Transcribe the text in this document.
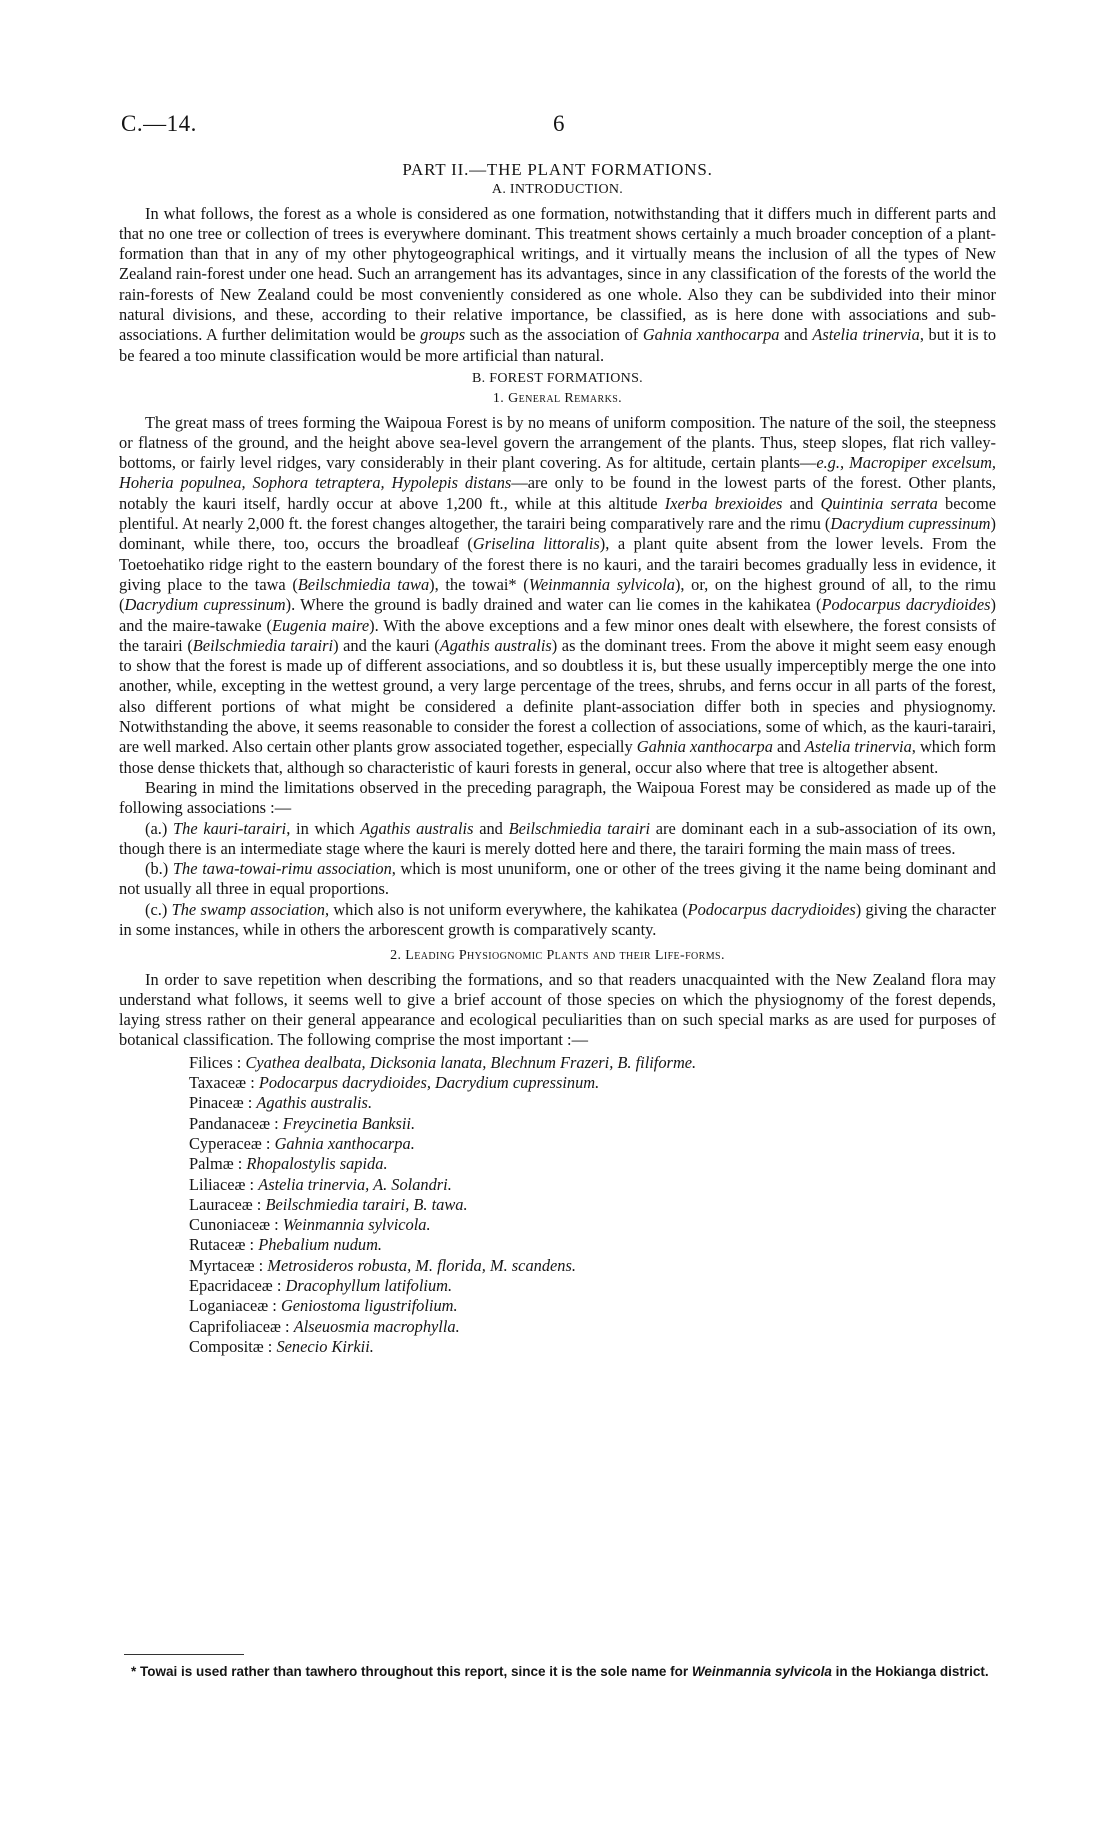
C.—14.	6
PART II.—THE PLANT FORMATIONS.
A. INTRODUCTION.

In what follows, the forest as a whole is considered as one formation, notwithstanding that it differs much in different parts and that no one tree or collection of trees is everywhere dominant. This treatment shows certainly a much broader conception of a plant-formation than that in any of my other phytogeographical writings, and it virtually means the inclusion of all the types of New Zealand rain-forest under one head. Such an arrangement has its advantages, since in any classification of the forests of the world the rain-forests of New Zealand could be most conveniently considered as one whole. Also they can be subdivided into their minor natural divisions, and these, according to their relative importance, be classified, as is here done with associations and sub-associations. A further delimitation would be groups such as the association of Gahnia xanthocarpa and Astelia trinervia, but it is to be feared a too minute classification would be more artificial than natural.

B. FOREST FORMATIONS.
1. General Remarks.

The great mass of trees forming the Waipoua Forest is by no means of uniform composition. The nature of the soil, the steepness or flatness of the ground, and the height above sea-level govern the arrangement of the plants. Thus, steep slopes, flat rich valley-bottoms, or fairly level ridges, vary considerably in their plant covering. As for altitude, certain plants—e.g., Macropiper excelsum, Hoheria populnea, Sophora tetraptera, Hypolepis distans—are only to be found in the lowest parts of the forest. Other plants, notably the kauri itself, hardly occur at above 1,200 ft., while at this altitude Ixerba brexioides and Quintinia serrata become plentiful. At nearly 2,000 ft. the forest changes altogether, the tarairi being comparatively rare and the rimu (Dacrydium cupressinum) dominant, while there, too, occurs the broadleaf (Griselina littoralis), a plant quite absent from the lower levels. From the Toetoehatiko ridge right to the eastern boundary of the forest there is no kauri, and the tarairi becomes gradually less in evidence, it giving place to the tawa (Beilschmiedia tawa), the towai* (Weinmannia sylvicola), or, on the highest ground of all, to the rimu (Dacrydium cupressinum). Where the ground is badly drained and water can lie comes in the kahikatea (Podocarpus dacrydioides) and the maire-tawake (Eugenia maire). With the above exceptions and a few minor ones dealt with elsewhere, the forest consists of the tarairi (Beilschmiedia tarairi) and the kauri (Agathis australis) as the dominant trees. From the above it might seem easy enough to show that the forest is made up of different associations, and so doubtless it is, but these usually imperceptibly merge the one into another, while, excepting in the wettest ground, a very large percentage of the trees, shrubs, and ferns occur in all parts of the forest, also different portions of what might be considered a definite plant-association differ both in species and physiognomy. Notwithstanding the above, it seems reasonable to consider the forest a collection of associations, some of which, as the kauri-tarairi, are well marked. Also certain other plants grow associated together, especially Gahnia xanthocarpa and Astelia trinervia, which form those dense thickets that, although so characteristic of kauri forests in general, occur also where that tree is altogether absent.

Bearing in mind the limitations observed in the preceding paragraph, the Waipoua Forest may be considered as made up of the following associations :—

(a.) The kauri-tarairi, in which Agathis australis and Beilschmiedia tarairi are dominant each in a sub-association of its own, though there is an intermediate stage where the kauri is merely dotted here and there, the tarairi forming the main mass of trees.

(b.) The tawa-towai-rimu association, which is most ununiform, one or other of the trees giving it the name being dominant and not usually all three in equal proportions.

(c.) The swamp association, which also is not uniform everywhere, the kahikatea (Podocarpus dacrydioides) giving the character in some instances, while in others the arborescent growth is comparatively scanty.

2. Leading Physiognomic Plants and their Life-forms.

In order to save repetition when describing the formations, and so that readers unacquainted with the New Zealand flora may understand what follows, it seems well to give a brief account of those species on which the physiognomy of the forest depends, laying stress rather on their general appearance and ecological peculiarities than on such special marks as are used for purposes of botanical classification. The following comprise the most important :—

Filices : Cyathea dealbata, Dicksonia lanata, Blechnum Frazeri, B. filiforme.
Taxaceæ : Podocarpus dacrydioides, Dacrydium cupressinum.
Pinaceæ : Agathis australis.
Pandanaceæ : Freycinetia Banksii.
Cyperaceæ : Gahnia xanthocarpa.
Palmæ : Rhopalostylis sapida.
Liliaceæ : Astelia trinervia, A. Solandri.
Lauraceæ : Beilschmiedia tarairi, B. tawa.
Cunoniaceæ : Weinmannia sylvicola.
Rutaceæ : Phebalium nudum.
Myrtaceæ : Metrosideros robusta, M. florida, M. scandens.
Epacridaceæ : Dracophyllum latifolium.
Loganiaceæ : Geniostoma ligustrifolium.
Caprifoliaceæ : Alseuosmia macrophylla.
Compositæ : Senecio Kirkii.

* Towai is used rather than tawhero throughout this report, since it is the sole name for Weinmannia sylvicola in the Hokianga district.
